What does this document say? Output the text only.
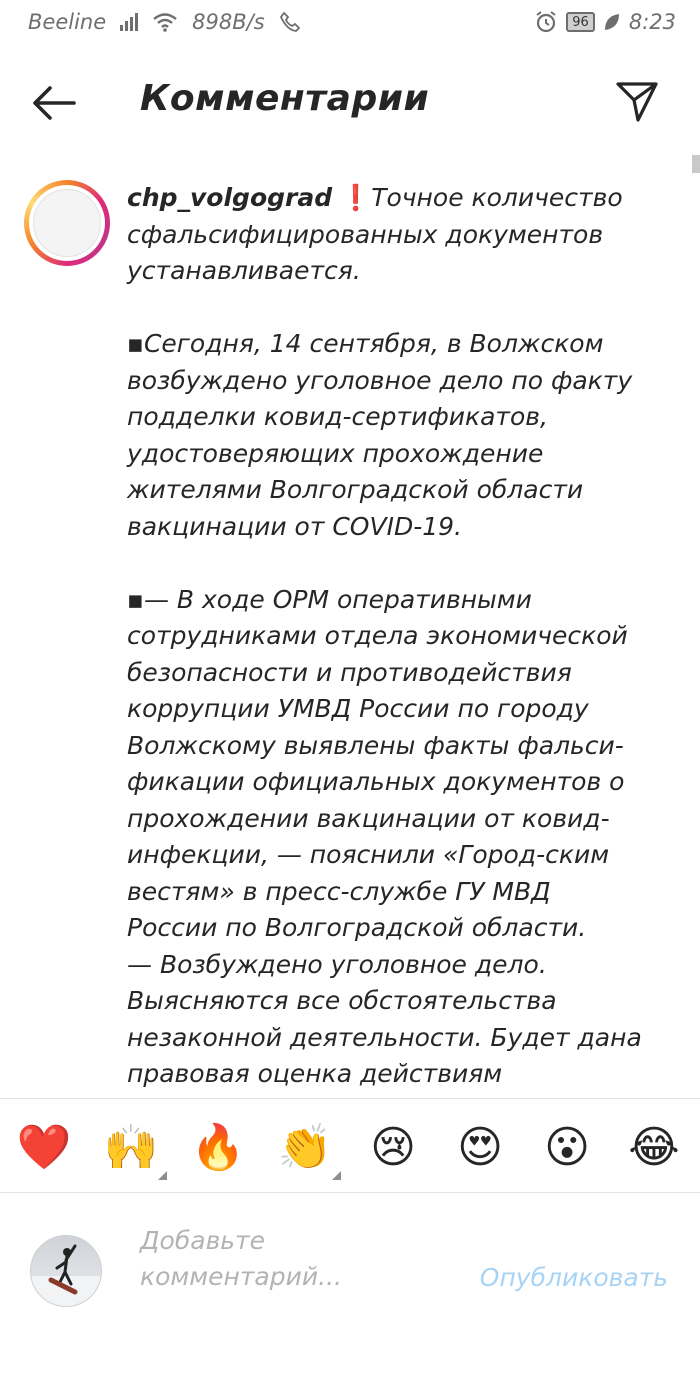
Beeline	898B/s	96 8:23
Комментарии
chp_volgograd ❗Точное количество сфальсифицированных документов устанавливается.

▪Сегодня, 14 сентября, в Волжском возбуждено уголовное дело по факту подделки ковид-сертификатов, удостоверяющих прохождение жителями Волгоградской области вакцинации от COVID-19.

▪— В ходе ОРМ оперативными сотрудниками отдела экономической безопасности и противодействия коррупции УМВД России по городу Волжскому выявлены факты фальси-фикации официальных документов о прохождении вакцинации от ковид-инфекции, — пояснили «Город-ским вестям» в пресс-службе ГУ МВД России по Волгоградской области.
— Возбуждено уголовное дело. Выясняются все обстоятельства незаконной деятельности. Будет дана правовая оценка действиям
❤️ 🙌 🔥 👏 😢 😍 😮 😂
Добавьте
комментарий...	Опубликовать
